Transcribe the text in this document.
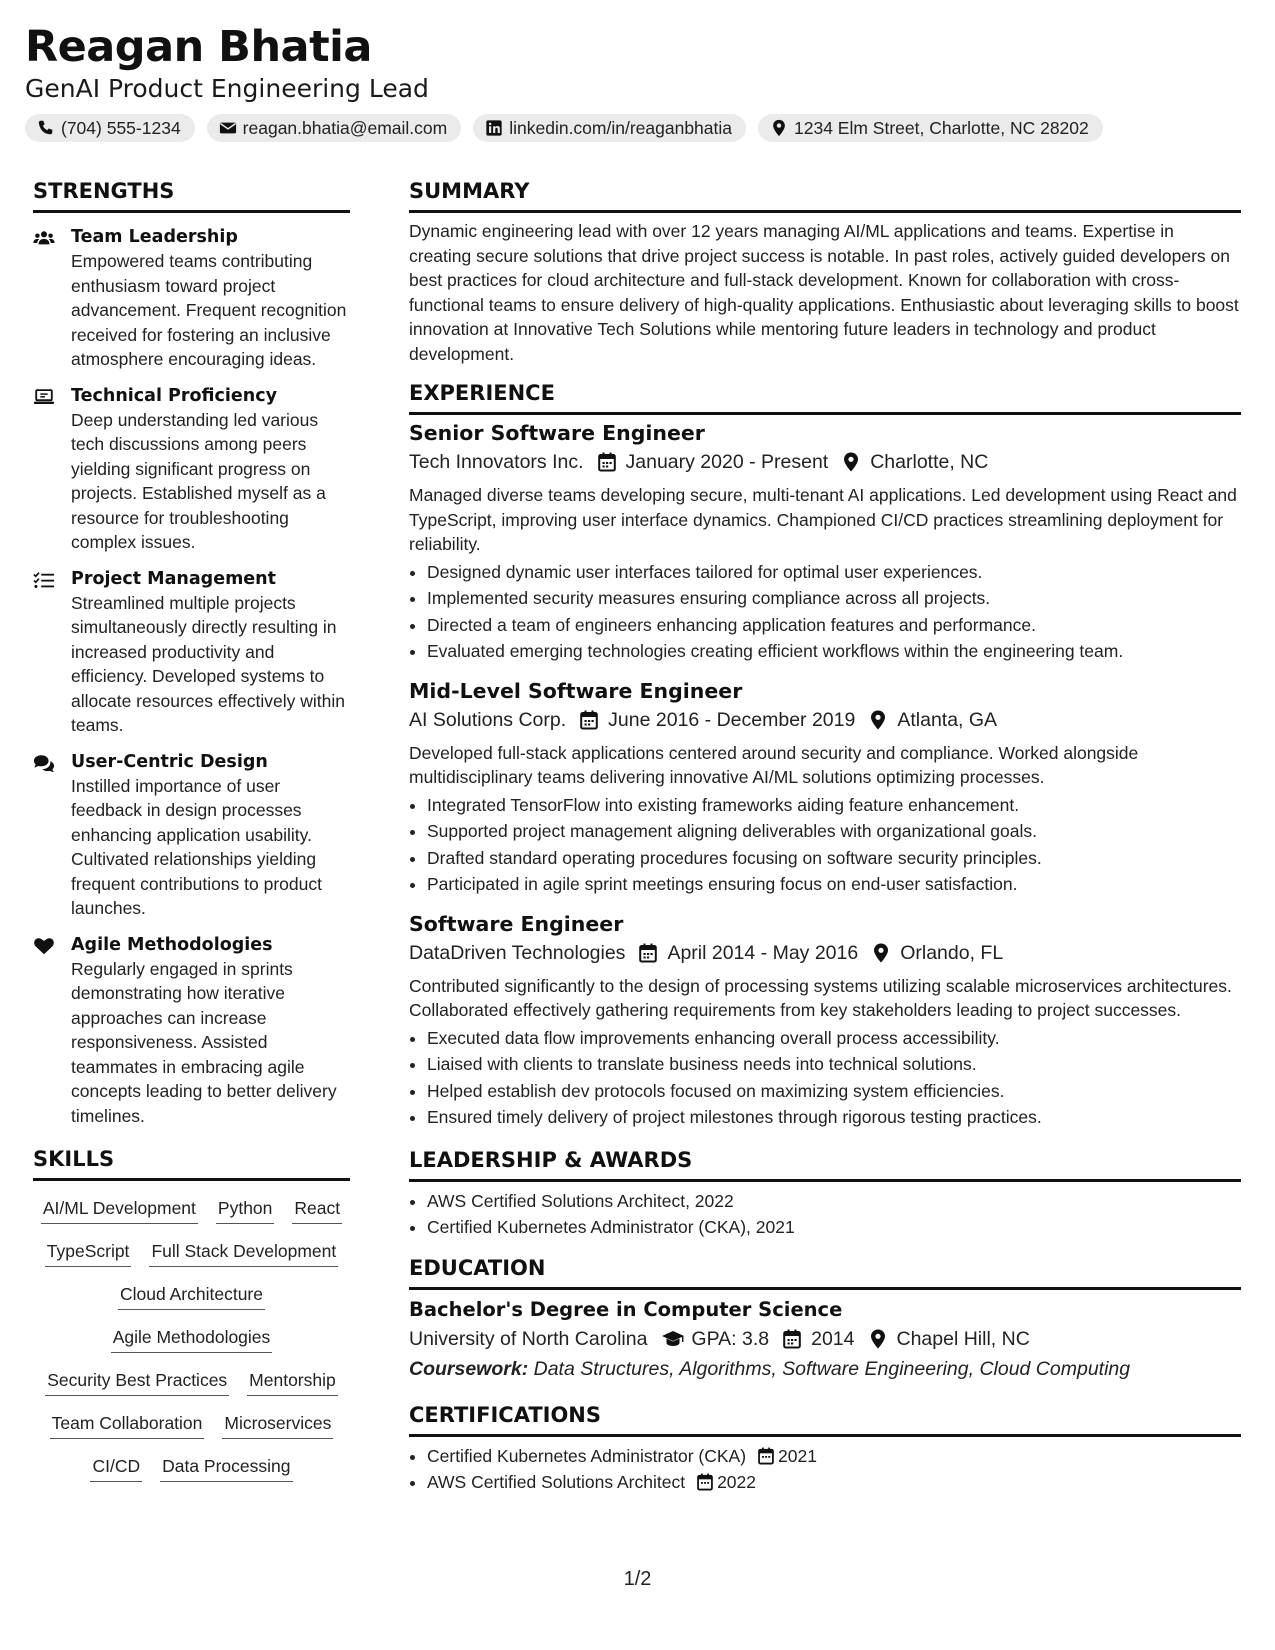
Reagan Bhatia
GenAI Product Engineering Lead
(704) 555-1234	reagan.bhatia@email.com	linkedin.com/in/reaganbhatia	1234 Elm Street, Charlotte, NC 28202
STRENGTHS
Team Leadership
Empowered teams contributing enthusiasm toward project advancement. Frequent recognition received for fostering an inclusive atmosphere encouraging ideas.
Technical Proficiency
Deep understanding led various tech discussions among peers yielding significant progress on projects. Established myself as a resource for troubleshooting complex issues.
Project Management
Streamlined multiple projects simultaneously directly resulting in increased productivity and efficiency. Developed systems to allocate resources effectively within teams.
User-Centric Design
Instilled importance of user feedback in design processes enhancing application usability. Cultivated relationships yielding frequent contributions to product launches.
Agile Methodologies
Regularly engaged in sprints demonstrating how iterative approaches can increase responsiveness. Assisted teammates in embracing agile concepts leading to better delivery timelines.
SKILLS
AI/ML Development Python React
TypeScript Full Stack Development
Cloud Architecture
Agile Methodologies
Security Best Practices Mentorship
Team Collaboration Microservices
CI/CD Data Processing
SUMMARY

Dynamic engineering lead with over 12 years managing AI/ML applications and teams. Expertise in creating secure solutions that drive project success is notable. In past roles, actively guided developers on best practices for cloud architecture and full-stack development. Known for collaboration with cross-functional teams to ensure delivery of high-quality applications. Enthusiastic about leveraging skills to boost innovation at Innovative Tech Solutions while mentoring future leaders in technology and product development.

EXPERIENCE
Senior Software Engineer
Tech Innovators Inc. January 2020 - Present Charlotte, NC

Managed diverse teams developing secure, multi-tenant AI applications. Led development using React and TypeScript, improving user interface dynamics. Championed CI/CD practices streamlining deployment for reliability.

• Designed dynamic user interfaces tailored for optimal user experiences.
• Implemented security measures ensuring compliance across all projects.
• Directed a team of engineers enhancing application features and performance.
• Evaluated emerging technologies creating efficient workflows within the engineering team.
Mid-Level Software Engineer
AI Solutions Corp. June 2016 - December 2019 Atlanta, GA

Developed full-stack applications centered around security and compliance. Worked alongside multidisciplinary teams delivering innovative AI/ML solutions optimizing processes.

• Integrated TensorFlow into existing frameworks aiding feature enhancement.
• Supported project management aligning deliverables with organizational goals.
• Drafted standard operating procedures focusing on software security principles.
• Participated in agile sprint meetings ensuring focus on end-user satisfaction.
Software Engineer
DataDriven Technologies April 2014 - May 2016 Orlando, FL

Contributed significantly to the design of processing systems utilizing scalable microservices architectures. Collaborated effectively gathering requirements from key stakeholders leading to project successes.

• Executed data flow improvements enhancing overall process accessibility.
• Liaised with clients to translate business needs into technical solutions.
• Helped establish dev protocols focused on maximizing system efficiencies.
• Ensured timely delivery of project milestones through rigorous testing practices.
LEADERSHIP & AWARDS
• AWS Certified Solutions Architect, 2022
• Certified Kubernetes Administrator (CKA), 2021
EDUCATION
Bachelor's Degree in Computer Science
University of North Carolina GPA: 3.8 2014 Chapel Hill, NC
Coursework: Data Structures, Algorithms, Software Engineering, Cloud Computing
CERTIFICATIONS
• Certified Kubernetes Administrator (CKA) 2021
• AWS Certified Solutions Architect 2022
1/2
